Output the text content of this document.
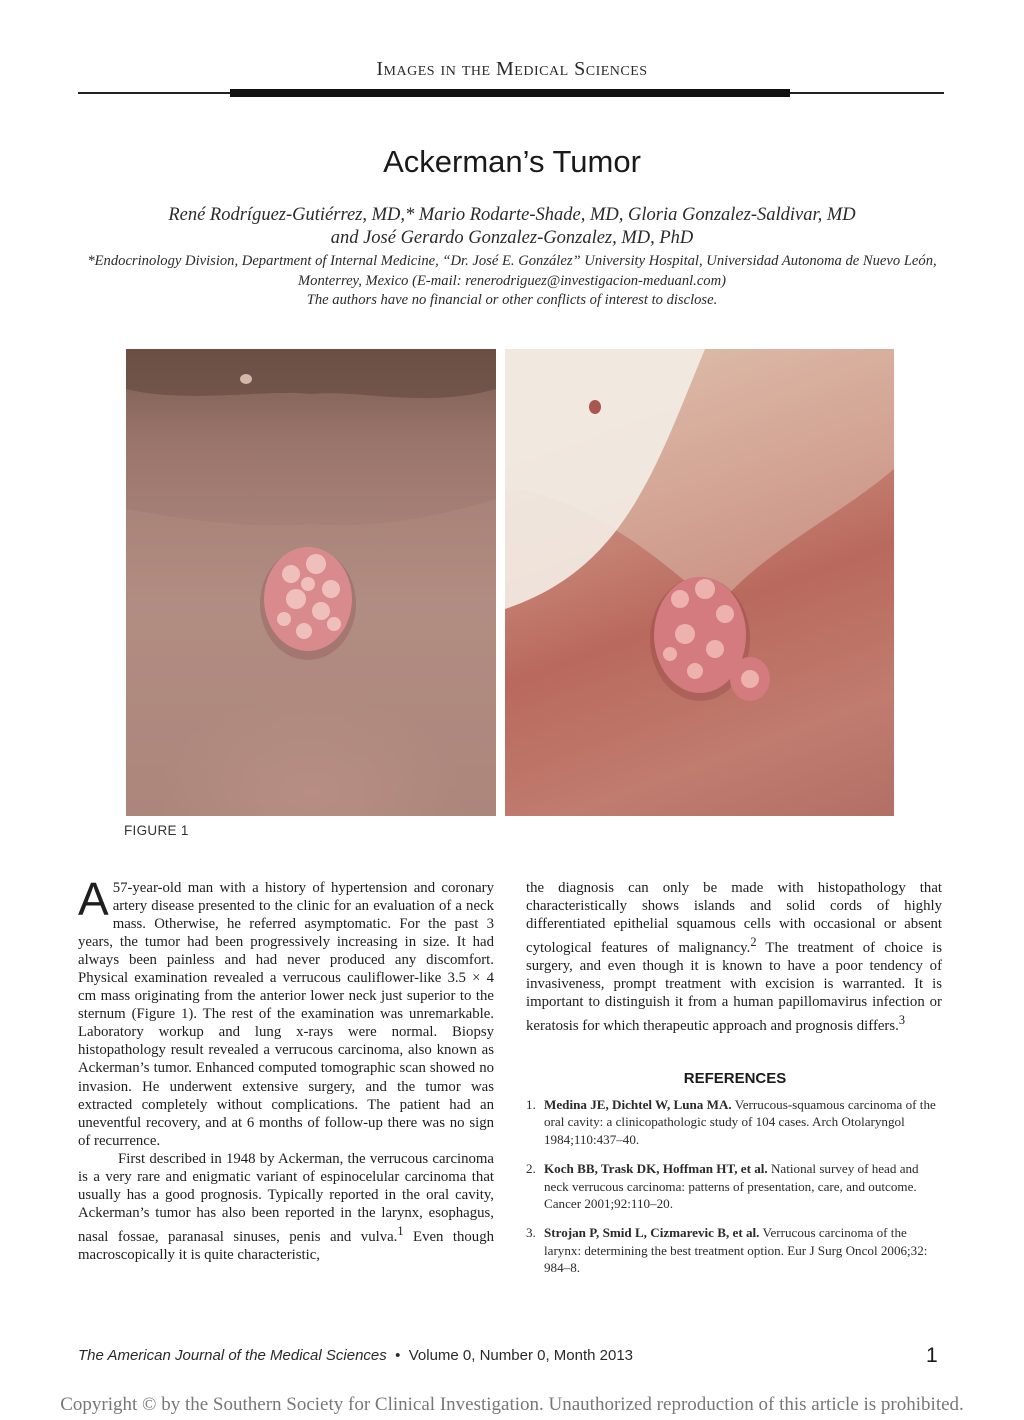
Images in the Medical Sciences
Ackerman’s Tumor
René Rodríguez-Gutiérrez, MD,* Mario Rodarte-Shade, MD, Gloria Gonzalez-Saldivar, MD
and José Gerardo Gonzalez-Gonzalez, MD, PhD
*Endocrinology Division, Department of Internal Medicine, “Dr. José E. González” University Hospital, Universidad Autonoma de Nuevo León, Monterrey, Mexico (E-mail: renerodriguez@investigacion-meduanl.com)
The authors have no financial or other conflicts of interest to disclose.
FIGURE 1

A 57-year-old man with a history of hypertension and coronary artery disease presented to the clinic for an evaluation of a neck mass. Otherwise, he referred asymptomatic. For the past 3 years, the tumor had been progressively increasing in size. It had always been painless and had never produced any discomfort. Physical examination revealed a verrucous cauliflower-like 3.5 × 4 cm mass originating from the anterior lower neck just superior to the sternum (Figure 1). The rest of the examination was unremarkable. Laboratory workup and lung x-rays were normal. Biopsy histopathology result revealed a verrucous carcinoma, also known as Ackerman’s tumor. Enhanced computed tomographic scan showed no invasion. He underwent extensive surgery, and the tumor was extracted completely without complications. The patient had an uneventful recovery, and at 6 months of follow-up there was no sign of recurrence.

First described in 1948 by Ackerman, the verrucous carcinoma is a very rare and enigmatic variant of espinocelular carcinoma that usually has a good prognosis. Typically reported in the oral cavity, Ackerman’s tumor has also been reported in the larynx, esophagus, nasal fossae, paranasal sinuses, penis and vulva.$^1$ Even though macroscopically it is quite characteristic,

the diagnosis can only be made with histopathology that characteristically shows islands and solid cords of highly differentiated epithelial squamous cells with occasional or absent cytological features of malignancy.$^2$ The treatment of choice is surgery, and even though it is known to have a poor tendency of invasiveness, prompt treatment with excision is warranted. It is important to distinguish it from a human papillomavirus infection or keratosis for which therapeutic approach and prognosis differs.$^3$

REFERENCES
1. Medina JE, Dichtel W, Luna MA. Verrucous-squamous carcinoma of the oral cavity: a clinicopathologic study of 104 cases. Arch Otolaryngol 1984;110:437–40.
2. Koch BB, Trask DK, Hoffman HT, et al. National survey of head and neck verrucous carcinoma: patterns of presentation, care, and outcome. Cancer 2001;92:110–20.
3. Strojan P, Smid L, Cizmarevic B, et al. Verrucous carcinoma of the larynx: determining the best treatment option. Eur J Surg Oncol 2006;32: 984–8.
The American Journal of the Medical Sciences • Volume 0, Number 0, Month 2013	1
Copyright © by the Southern Society for Clinical Investigation. Unauthorized reproduction of this article is prohibited.
